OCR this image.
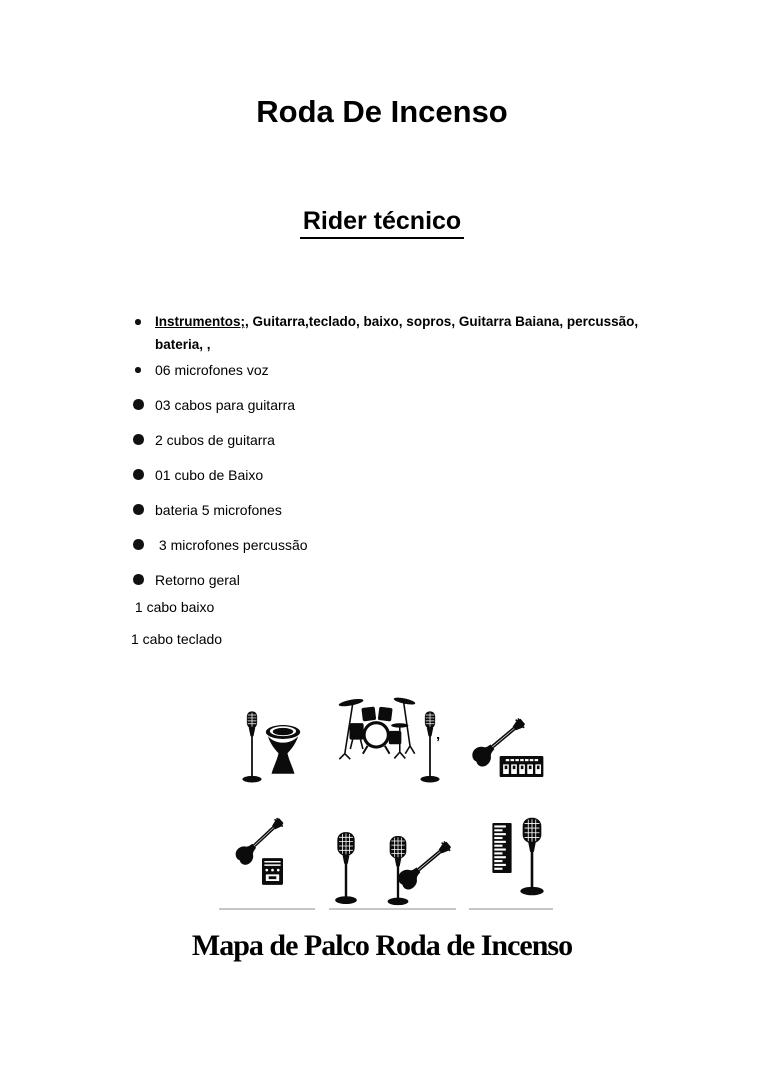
Roda De Incenso
Rider técnico
Instrumentos;, Guitarra,teclado, baixo, sopros, Guitarra Baiana, percussão,
bateria, ,
06 microfones voz
03 cabos para guitarra
2 cubos de guitarra
01 cubo de Baixo
bateria 5 microfones
3 microfones percussão
Retorno geral

1 cabo baixo

1 cabo teclado

’
Mapa de Palco Roda de Incenso
